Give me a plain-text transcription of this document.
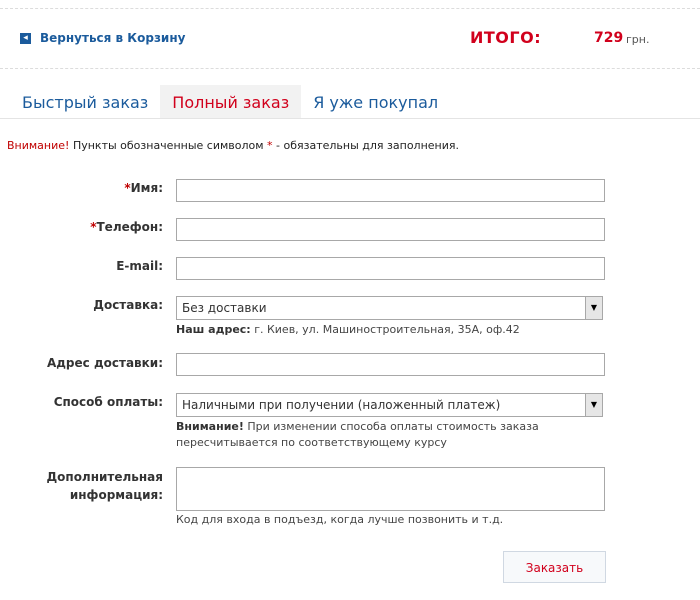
◂ Вернуться в Корзину	ИТОГО:	729 грн.
Быстрый заказ	Полный заказ	Я уже покупал
Внимание! Пункты обозначенные символом * - обязательны для заполнения.
*Имя:
*Телефон:
E-mail:
Доставка:	Без доставки	▼
Наш адрес: г. Киев, ул. Машиностроительная, 35А, оф.42
Адрес доставки:
Способ оплаты:	Наличными при получении (наложенный платеж)	▼
Внимание! При изменении способа оплаты стоимость заказа
пересчитывается по соответствующему курсу
Дополнительная
информация:
Код для входа в подъезд, когда лучше позвонить и т.д.
Заказать
